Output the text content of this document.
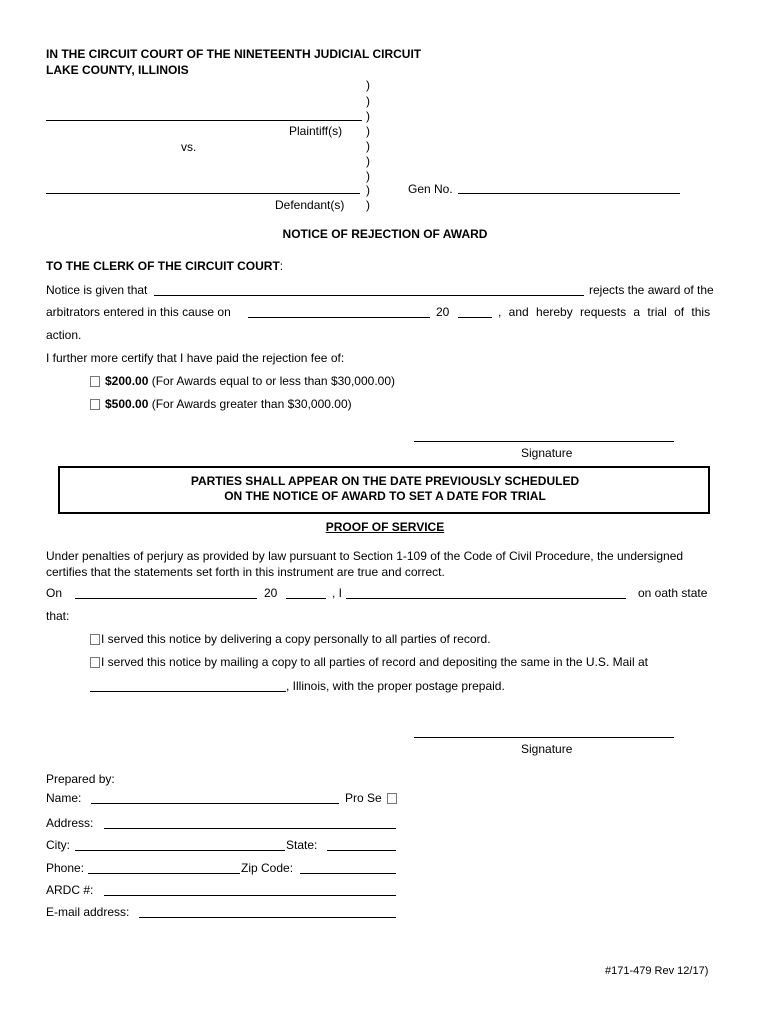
IN THE CIRCUIT COURT OF THE NINETEENTH JUDICIAL CIRCUIT
LAKE COUNTY, ILLINOIS
)
)
)
)
)
)
)
)
)
Plaintiff(s)
vs.
Defendant(s)
Gen No.
NOTICE OF REJECTION OF AWARD
TO THE CLERK OF THE CIRCUIT COURT:
Notice is given that	rejects the award of the
arbitrators entered in this cause on	20	, and hereby requests a trial of this
action.
I further more certify that I have paid the rejection fee of:
$200.00 (For Awards equal to or less than $30,000.00)
$500.00 (For Awards greater than $30,000.00)
Signature
PARTIES SHALL APPEAR ON THE DATE PREVIOUSLY SCHEDULED
ON THE NOTICE OF AWARD TO SET A DATE FOR TRIAL
PROOF OF SERVICE
Under penalties of perjury as provided by law pursuant to Section 1-109 of the Code of Civil Procedure, the undersigned
certifies that the statements set forth in this instrument are true and correct.
On	20	, I	on oath state
that:
I served this notice by delivering a copy personally to all parties of record.
I served this notice by mailing a copy to all parties of record and depositing the same in the U.S. Mail at
, Illinois, with the proper postage prepaid.
Signature
Prepared by:
Name:	Pro Se
Address:
City:	State:
Phone:	Zip Code:
ARDC #:
E-mail address:
#171-479 Rev 12/17)
